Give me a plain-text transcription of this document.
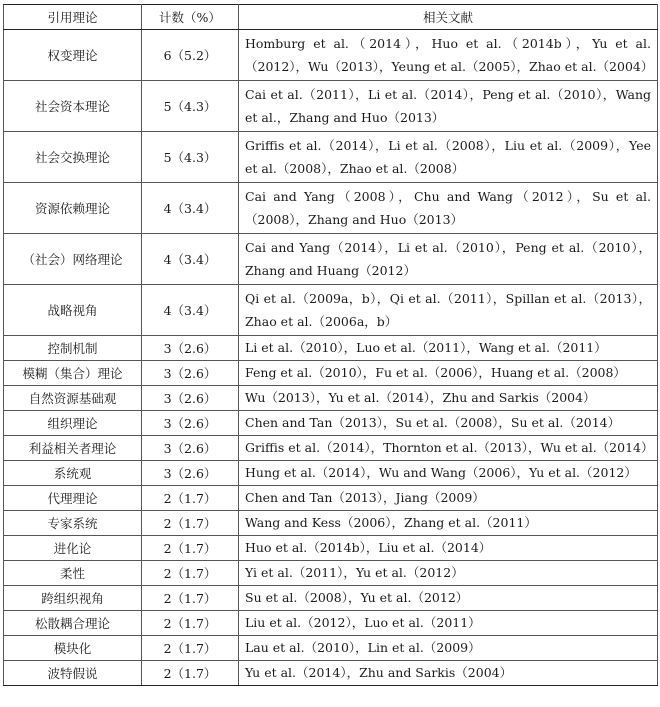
引用理论	计数（%）	相关文献
权变理论	6（5.2）	Homburg et al.（2014），Huo et al.（2014b），Yu et al.（2012），Wu（2013），Yeung et al.（2005），Zhao et al.（2004）
社会资本理论	5（4.3）	Cai et al.（2011），Li et al.（2014），Peng et al.（2010），Wang et al.，Zhang and Huo（2013）
社会交换理论	5（4.3）	Griffis et al.（2014），Li et al.（2008），Liu et al.（2009），Yee et al.（2008），Zhao et al.（2008）
资源依赖理论	4（3.4）	Cai and Yang（2008），Chu and Wang（2012），Su et al.（2008），Zhang and Huo（2013）
（社会）网络理论	4（3.4）	Cai and Yang（2014），Li et al.（2010），Peng et al.（2010），Zhang and Huang（2012）
战略视角	4（3.4）	Qi et al.（2009a，b），Qi et al.（2011），Spillan et al.（2013），Zhao et al.（2006a，b）
控制机制	3（2.6）	Li et al.（2010），Luo et al.（2011），Wang et al.（2011）
模糊（集合）理论	3（2.6）	Feng et al.（2010），Fu et al.（2006），Huang et al.（2008）
自然资源基础观	3（2.6）	Wu（2013），Yu et al.（2014），Zhu and Sarkis（2004）
组织理论	3（2.6）	Chen and Tan（2013），Su et al.（2008），Su et al.（2014）
利益相关者理论	3（2.6）	Griffis et al.（2014），Thornton et al.（2013），Wu et al.（2014）
系统观	3（2.6）	Hung et al.（2014），Wu and Wang（2006），Yu et al.（2012）
代理理论	2（1.7）	Chen and Tan（2013），Jiang（2009）
专家系统	2（1.7）	Wang and Kess（2006），Zhang et al.（2011）
进化论	2（1.7）	Huo et al.（2014b），Liu et al.（2014）
柔性	2（1.7）	Yi et al.（2011），Yu et al.（2012）
跨组织视角	2（1.7）	Su et al.（2008），Yu et al.（2012）
松散耦合理论	2（1.7）	Liu et al.（2012），Luo et al.（2011）
模块化	2（1.7）	Lau et al.（2010），Lin et al.（2009）
波特假说	2（1.7）	Yu et al.（2014），Zhu and Sarkis（2004）
